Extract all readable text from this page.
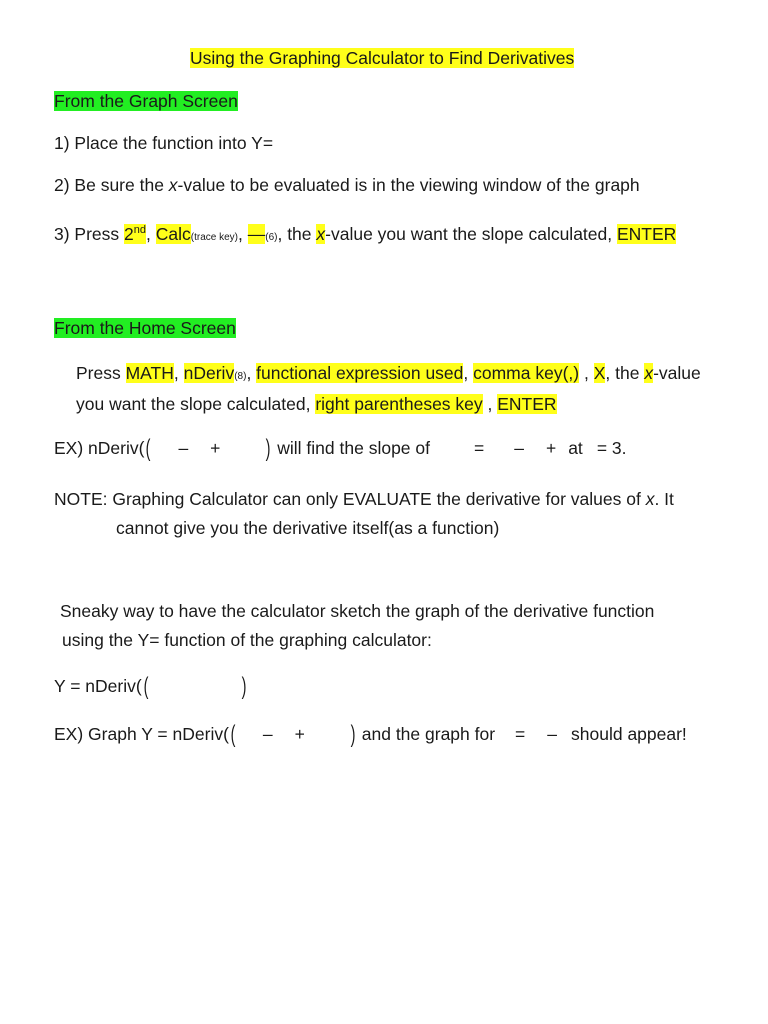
Using the Graphing Calculator to Find Derivatives
From the Graph Screen
1) Place the function into Y=
2) Be sure the x-value to be evaluated is in the viewing window of the graph
3) Press 2nd, Calc(trace key), —(6), the x-value you want the slope calculated, ENTER
From the Home Screen
Press MATH, nDeriv(8), functional expression used, comma key(,) , X, the x-value
you want the slope calculated, right parentheses key , ENTER
EX) nDeriv(( – + ) will find the slope of	= – + at = 3.
NOTE: Graphing Calculator can only EVALUATE the derivative for values of x. It
cannot give you the derivative itself(as a function)
Sneaky way to have the calculator sketch the graph of the derivative function
using the Y= function of the graphing calculator:
Y = nDeriv((	)
EX) Graph Y = nDeriv(( – + ) and the graph for = – should appear!
